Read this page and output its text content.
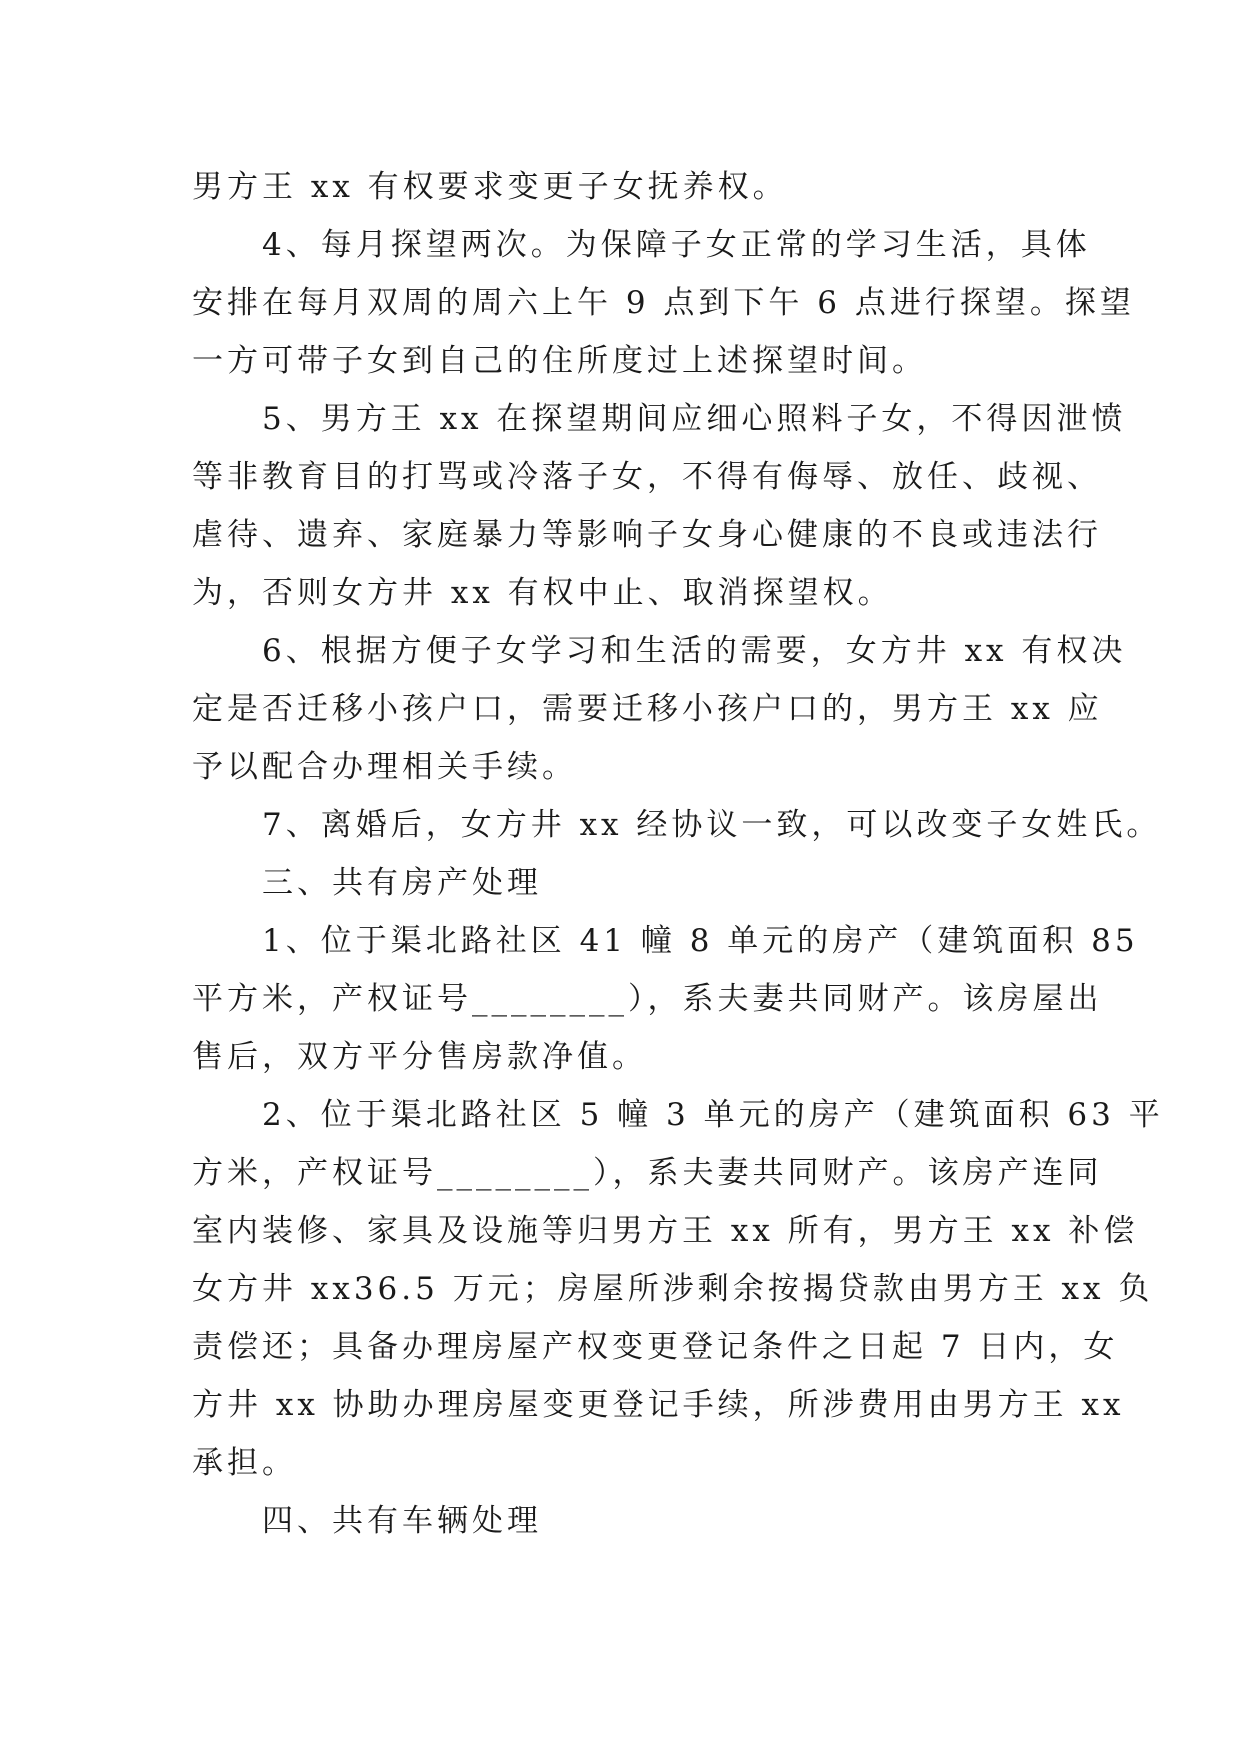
男方王 xx 有权要求变更子女抚养权。
　　4、每月探望两次。为保障子女正常的学习生活，具体
安排在每月双周的周六上午 9 点到下午 6 点进行探望。探望
一方可带子女到自己的住所度过上述探望时间。
　　5、男方王 xx 在探望期间应细心照料子女，不得因泄愤
等非教育目的打骂或冷落子女，不得有侮辱、放任、歧视、
虐待、遗弃、家庭暴力等影响子女身心健康的不良或违法行
为，否则女方井 xx 有权中止、取消探望权。
　　6、根据方便子女学习和生活的需要，女方井 xx 有权决
定是否迁移小孩户口，需要迁移小孩户口的，男方王 xx 应
予以配合办理相关手续。
　　7、离婚后，女方井 xx 经协议一致，可以改变子女姓氏。
　　三、共有房产处理
　　1、位于渠北路社区 41 幢 8 单元的房产（建筑面积 85
平方米，产权证号________），系夫妻共同财产。该房屋出
售后，双方平分售房款净值。
　　2、位于渠北路社区 5 幢 3 单元的房产（建筑面积 63 平
方米，产权证号________），系夫妻共同财产。该房产连同
室内装修、家具及设施等归男方王 xx 所有，男方王 xx 补偿
女方井 xx36.5 万元；房屋所涉剩余按揭贷款由男方王 xx 负
责偿还；具备办理房屋产权变更登记条件之日起 7 日内，女
方井 xx 协助办理房屋变更登记手续，所涉费用由男方王 xx
承担。
　　四、共有车辆处理
